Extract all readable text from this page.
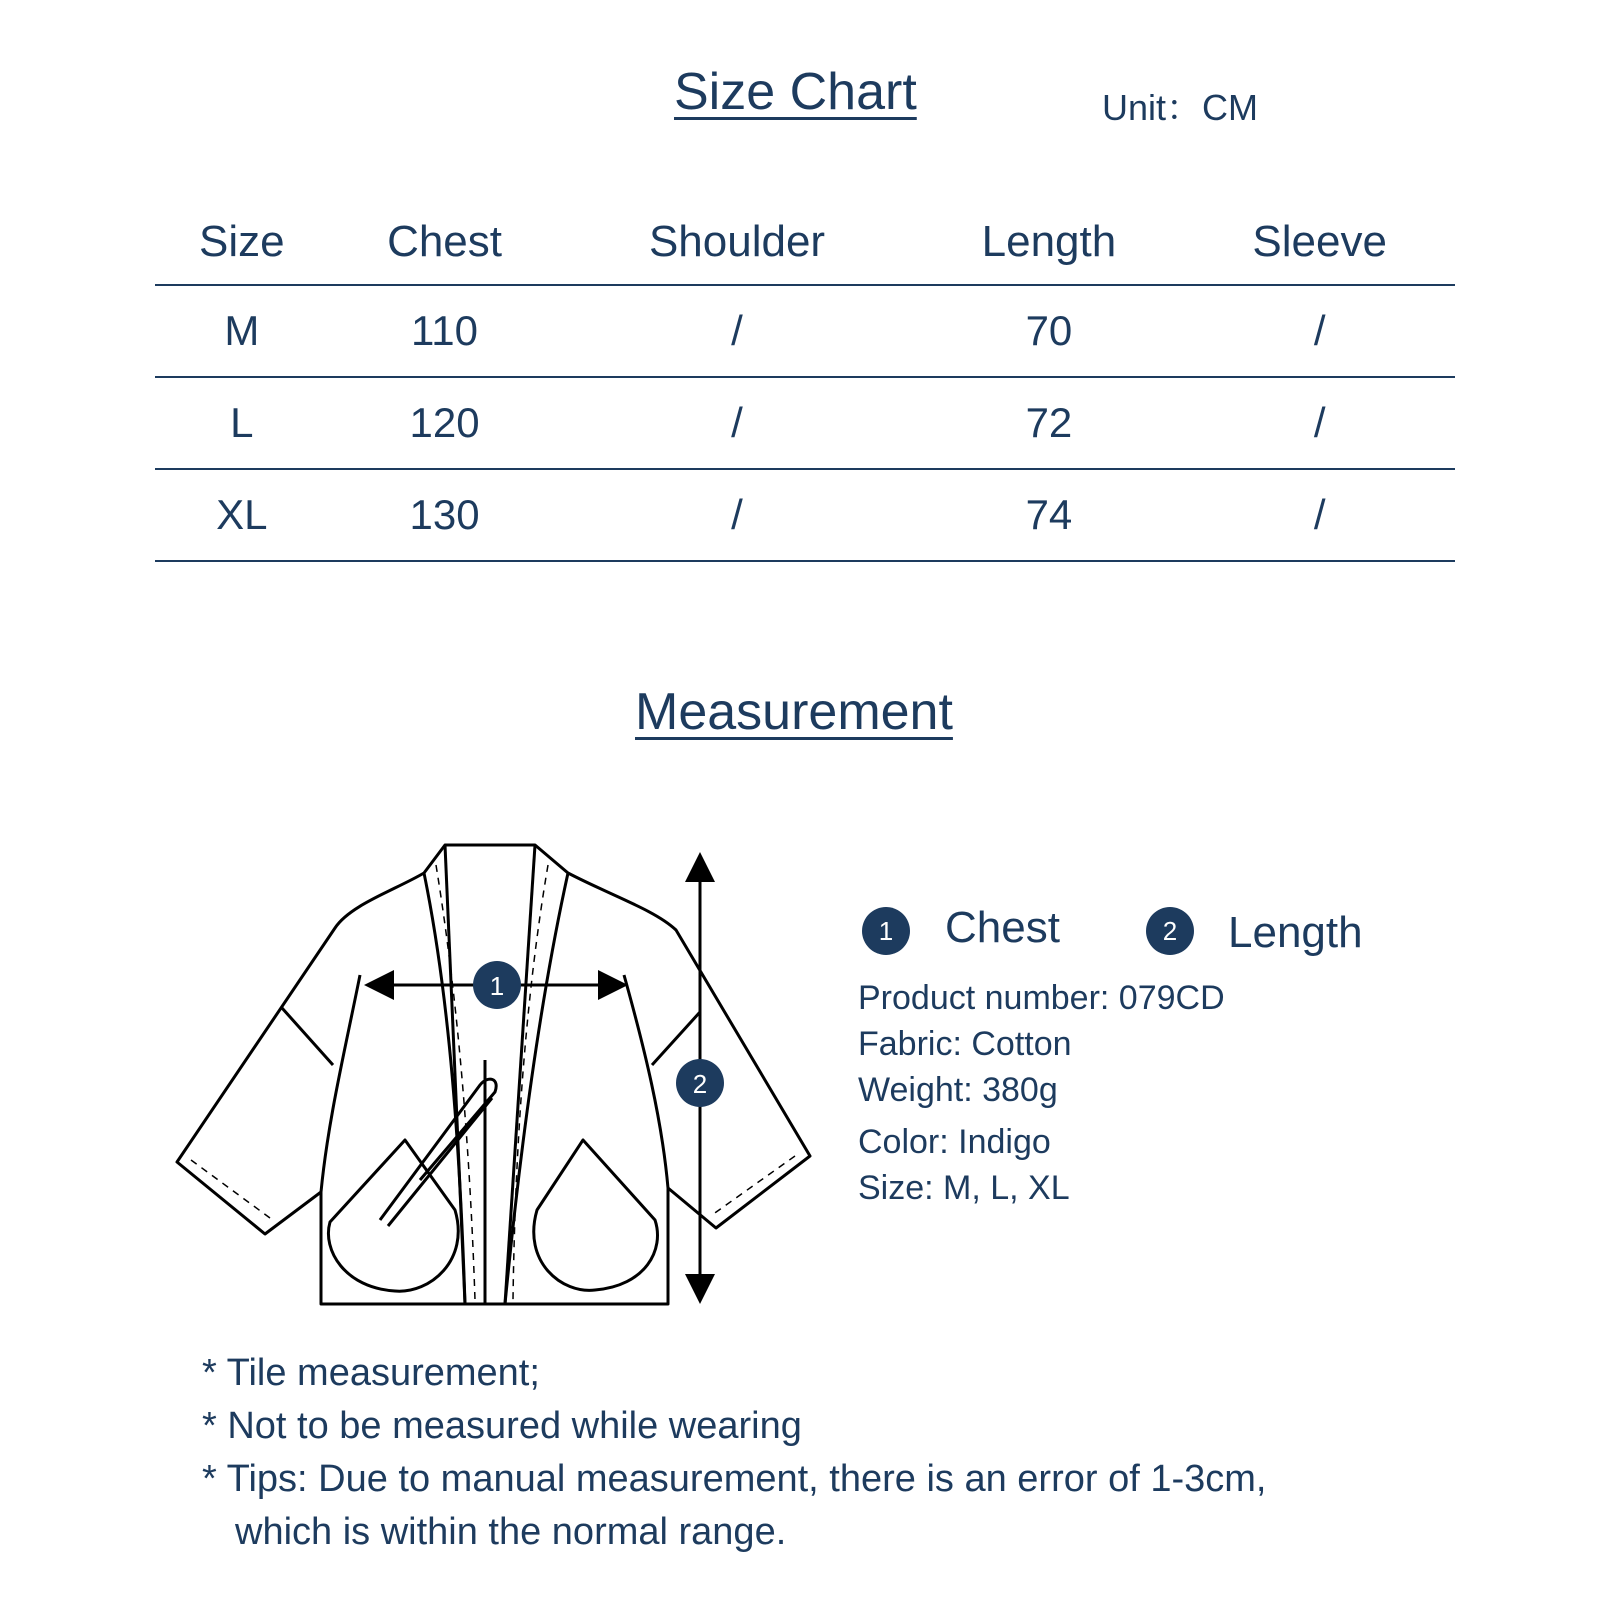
Size Chart	Unit：CM
Size	Chest	Shoulder	Length	Sleeve
M	110	/	70	/
L	120	/	72	/
XL	130	/	74	/
Measurement
1
2
1	Chest	2	Length
Product number: 079CD
Fabric: Cotton
Weight: 380g
Color: Indigo
Size: M, L, XL
* Tile measurement;
* Not to be measured while wearing
* Tips: Due to manual measurement, there is an error of 1-3cm,
which is within the normal range.
